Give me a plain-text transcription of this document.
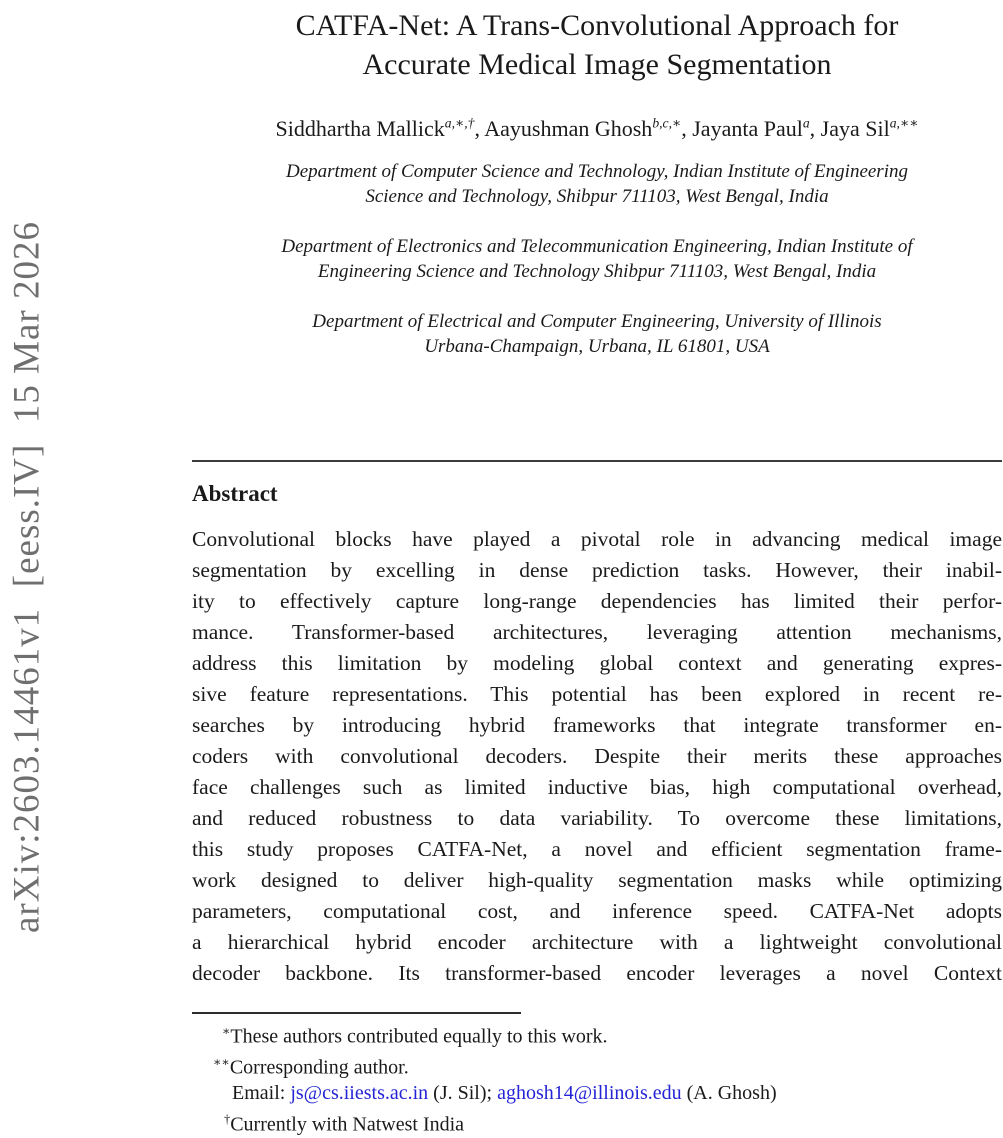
arXiv:2603.14461v1  [eess.IV]  15 Mar 2026
CATFA-Net: A Trans-Convolutional Approach for
Accurate Medical Image Segmentation
Siddhartha Mallick$^{a,∗,\dagger}$, Aayushman Ghosh$^{b,c,∗}$, Jayanta Paul$^a$, Jaya Sil$^{a,∗∗}$
Department of Computer Science and Technology, Indian Institute of Engineering
Science and Technology, Shibpur 711103, West Bengal, India
Department of Electronics and Telecommunication Engineering, Indian Institute of
Engineering Science and Technology Shibpur 711103, West Bengal, India
Department of Electrical and Computer Engineering, University of Illinois
Urbana-Champaign, Urbana, IL 61801, USA
Abstract
Convolutional blocks have played a pivotal role in advancing medical image
segmentation by excelling in dense prediction tasks. However, their inabil-
ity to effectively capture long-range dependencies has limited their perfor-
mance. Transformer-based architectures, leveraging attention mechanisms,
address this limitation by modeling global context and generating expres-
sive feature representations. This potential has been explored in recent re-
searches by introducing hybrid frameworks that integrate transformer en-
coders with convolutional decoders. Despite their merits these approaches
face challenges such as limited inductive bias, high computational overhead,
and reduced robustness to data variability. To overcome these limitations,
this study proposes CATFA-Net, a novel and efficient segmentation frame-
work designed to deliver high-quality segmentation masks while optimizing
parameters, computational cost, and inference speed. CATFA-Net adopts
a hierarchical hybrid encoder architecture with a lightweight convolutional
decoder backbone. Its transformer-based encoder leverages a novel Context
∗These authors contributed equally to this work.
∗∗Corresponding author.
Email: js@cs.iiests.ac.in (J. Sil); aghosh14@illinois.edu (A. Ghosh)
†Currently with Natwest India
